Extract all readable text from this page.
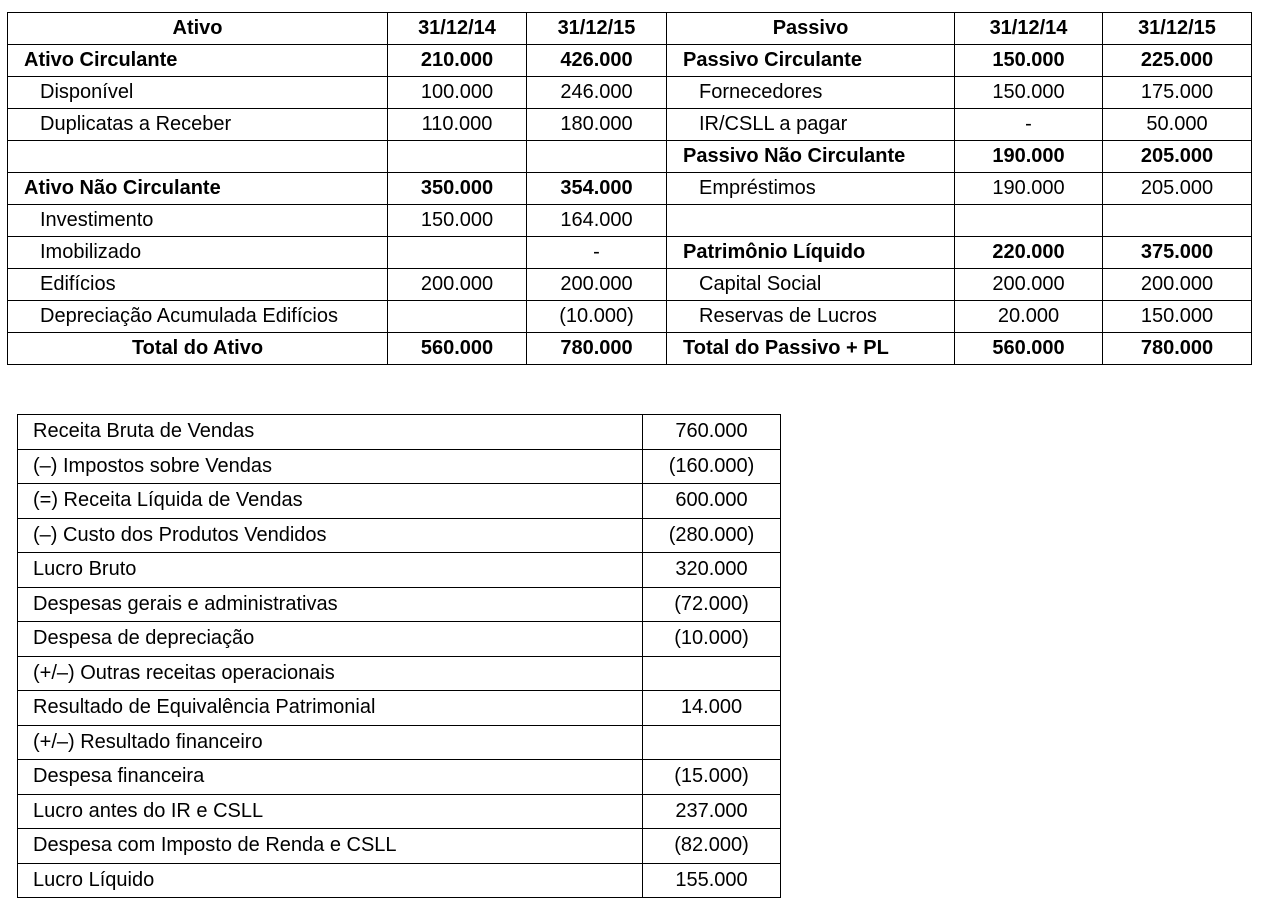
Ativo	31/12/14	31/12/15	Passivo	31/12/14	31/12/15
Ativo Circulante	210.000	426.000	Passivo Circulante	150.000	225.000
Disponível	100.000	246.000	Fornecedores	150.000	175.000
Duplicatas a Receber	110.000	180.000	IR/CSLL a pagar	-	50.000
			Passivo Não Circulante	190.000	205.000
Ativo Não Circulante	350.000	354.000	Empréstimos	190.000	205.000
Investimento	150.000	164.000			
Imobilizado		-	Patrimônio Líquido	220.000	375.000
Edifícios	200.000	200.000	Capital Social	200.000	200.000
Depreciação Acumulada Edifícios		(10.000)	Reservas de Lucros	20.000	150.000
Total do Ativo	560.000	780.000	Total do Passivo + PL	560.000	780.000
Receita Bruta de Vendas	760.000
(–) Impostos sobre Vendas	(160.000)
(=) Receita Líquida de Vendas	600.000
(–) Custo dos Produtos Vendidos	(280.000)
Lucro Bruto	320.000
Despesas gerais e administrativas	(72.000)
Despesa de depreciação	(10.000)
(+/–) Outras receitas operacionais	
Resultado de Equivalência Patrimonial	14.000
(+/–) Resultado financeiro	
Despesa financeira	(15.000)
Lucro antes do IR e CSLL	237.000
Despesa com Imposto de Renda e CSLL	(82.000)
Lucro Líquido	155.000
